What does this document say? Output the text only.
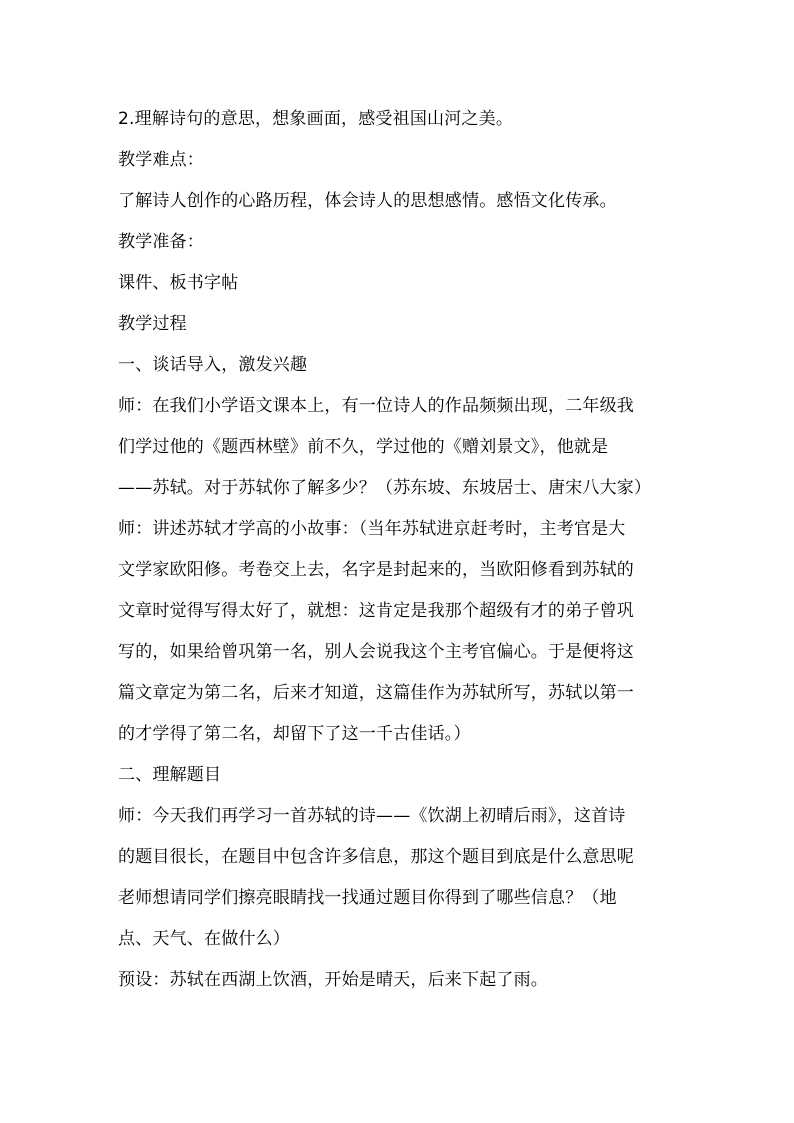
2.理解诗句的意思，想象画面，感受祖国山河之美。
教学难点：
了解诗人创作的心路历程，体会诗人的思想感情。感悟文化传承。
教学准备：
课件、板书字帖
教学过程
一、谈话导入，激发兴趣
师：在我们小学语文课本上，有一位诗人的作品频频出现，二年级我
们学过他的《题西林壁》前不久，学过他的《赠刘景文》，他就是
——苏轼。对于苏轼你了解多少？（苏东坡、东坡居士、唐宋八大家）
师：讲述苏轼才学高的小故事：（当年苏轼进京赶考时，主考官是大
文学家欧阳修。考卷交上去，名字是封起来的，当欧阳修看到苏轼的
文章时觉得写得太好了，就想：这肯定是我那个超级有才的弟子曾巩
写的，如果给曾巩第一名，别人会说我这个主考官偏心。于是便将这
篇文章定为第二名，后来才知道，这篇佳作为苏轼所写，苏轼以第一
的才学得了第二名，却留下了这一千古佳话。）
二、理解题目
师：今天我们再学习一首苏轼的诗——《饮湖上初晴后雨》，这首诗
的题目很长，在题目中包含许多信息，那这个题目到底是什么意思呢
老师想请同学们擦亮眼睛找一找通过题目你得到了哪些信息？（地
点、天气、在做什么）
预设：苏轼在西湖上饮酒，开始是晴天，后来下起了雨。
